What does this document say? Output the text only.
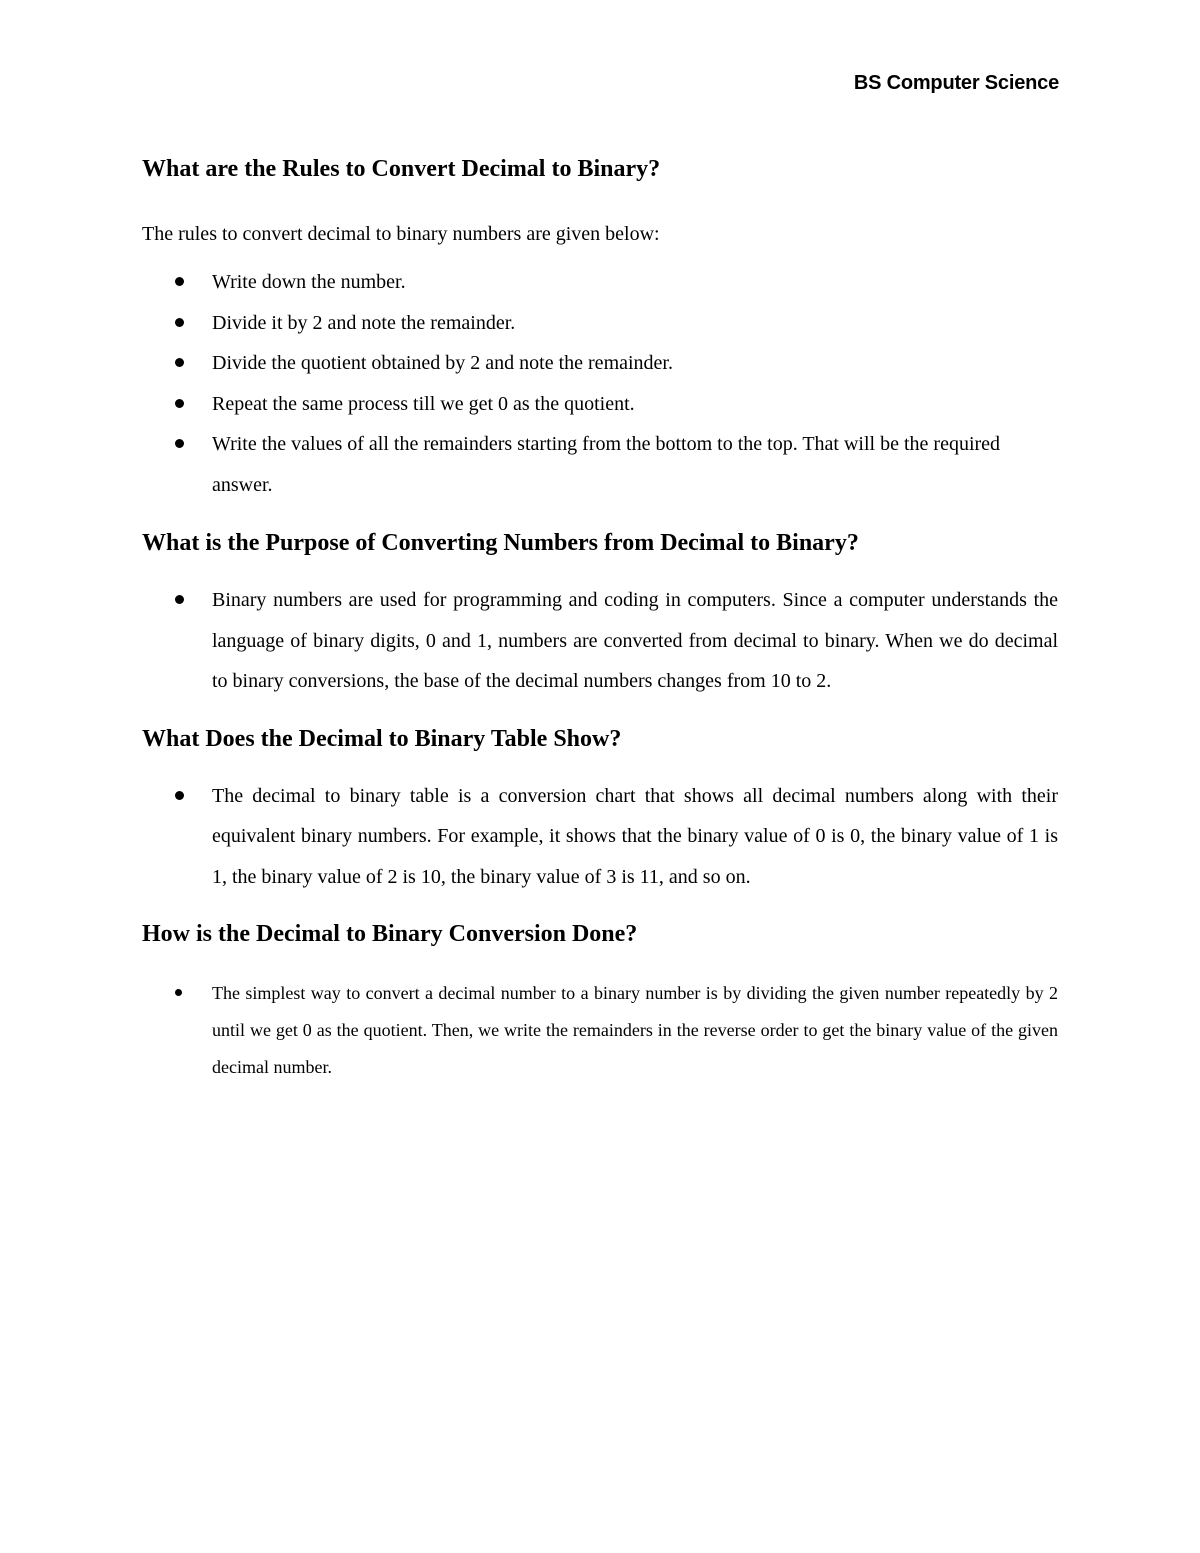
BS Computer Science
What are the Rules to Convert Decimal to Binary?

The rules to convert decimal to binary numbers are given below:

Write down the number.
Divide it by 2 and note the remainder.
Divide the quotient obtained by 2 and note the remainder.
Repeat the same process till we get 0 as the quotient.
Write the values of all the remainders starting from the bottom to the top. That will be the required answer.
What is the Purpose of Converting Numbers from Decimal to Binary?
Binary numbers are used for programming and coding in computers. Since a computer understands the language of binary digits, 0 and 1, numbers are converted from decimal to binary. When we do decimal to binary conversions, the base of the decimal numbers changes from 10 to 2.
What Does the Decimal to Binary Table Show?
The decimal to binary table is a conversion chart that shows all decimal numbers along with their equivalent binary numbers. For example, it shows that the binary value of 0 is 0, the binary value of 1 is 1, the binary value of 2 is 10, the binary value of 3 is 11, and so on.
How is the Decimal to Binary Conversion Done?
The simplest way to convert a decimal number to a binary number is by dividing the given number repeatedly by 2 until we get 0 as the quotient. Then, we write the remainders in the reverse order to get the binary value of the given decimal number.
